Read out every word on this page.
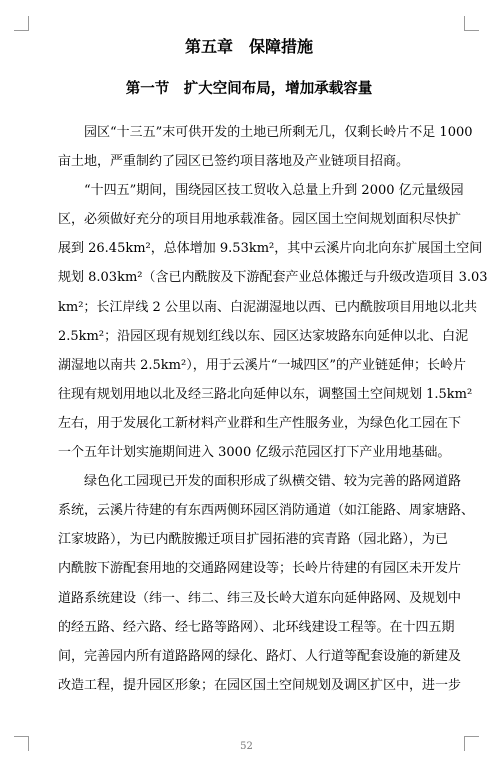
第五章　保障措施
第一节　扩大空间布局，增加承载容量

园区“十三五”末可供开发的土地已所剩无几，仅剩长岭片不足 1000
亩土地，严重制约了园区已签约项目落地及产业链项目招商。

“十四五”期间，围绕园区技工贸收入总量上升到 2000 亿元量级园
区，必须做好充分的项目用地承载准备。园区国土空间规划面积尽快扩
展到 26.45km²，总体增加 9.53km²，其中云溪片向北向东扩展国土空间
规划 8.03km²（含已内酰胺及下游配套产业总体搬迁与升级改造项目 3.03
km²；长江岸线 2 公里以南、白泥湖湿地以西、已内酰胺项目用地以北共
2.5km²；沿园区现有规划红线以东、园区达家坡路东向延伸以北、白泥
湖湿地以南共 2.5km²），用于云溪片“一城四区”的产业链延伸；长岭片
往现有规划用地以北及经三路北向延伸以东，调整国土空间规划 1.5km²
左右，用于发展化工新材料产业群和生产性服务业，为绿色化工园在下
一个五年计划实施期间进入 3000 亿级示范园区打下产业用地基础。

绿色化工园现已开发的面积形成了纵横交错、较为完善的路网道路
系统，云溪片待建的有东西两侧环园区消防通道（如江能路、周家塘路、
江家坡路），为已内酰胺搬迁项目扩园拓港的宾青路（园北路），为已
内酰胺下游配套用地的交通路网建设等；长岭片待建的有园区未开发片
道路系统建设（纬一、纬二、纬三及长岭大道东向延伸路网、及规划中
的经五路、经六路、经七路等路网）、北环线建设工程等。在十四五期
间，完善园内所有道路路网的绿化、路灯、人行道等配套设施的新建及
改造工程，提升园区形象；在园区国土空间规划及调区扩区中，进一步

52
